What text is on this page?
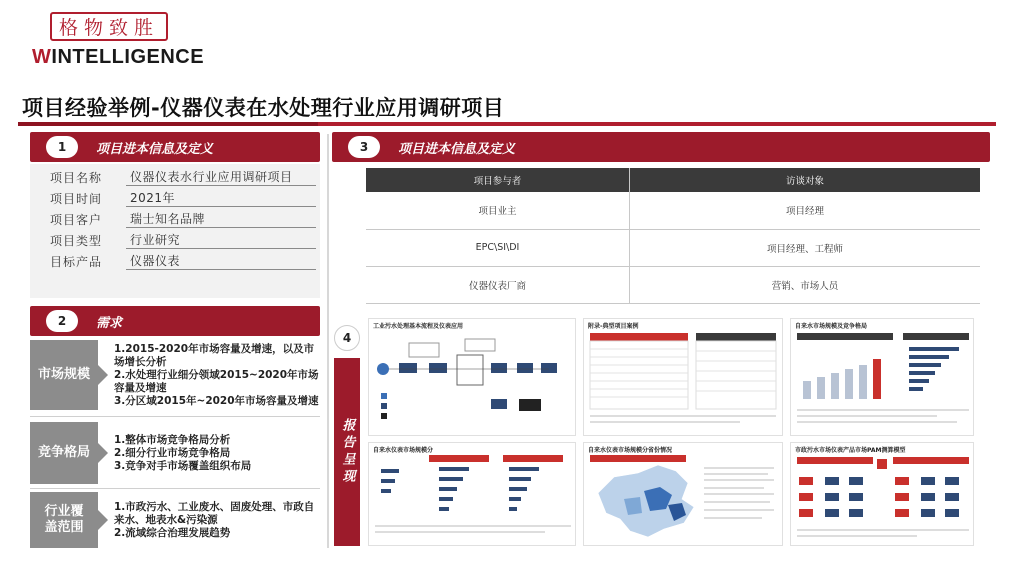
格物致胜
WINTELLIGENCE
项目经验举例-仪器仪表在水处理行业应用调研项目
1	项目进本信息及定义
项目名称	仪器仪表水行业应用调研项目
项目时间	2021年
项目客户	瑞士知名品牌
项目类型	行业研究
目标产品	仪器仪表
2	需求
市场规模
1.2015-2020年市场容量及增速，以及市场增长分析
2.水处理行业细分领域2015~2020年市场容量及增速
3.分区域2015年~2020年市场容量及增速
竞争格局
1.整体市场竞争格局分析
2.细分行业市场竞争格局
3.竞争对手市场覆盖组织布局
行业覆盖范围
1.市政污水、工业废水、固废处理、市政自来水、地表水&污染源
2.流域综合治理发展趋势
3	项目进本信息及定义
项目参与者	访谈对象
项目业主	项目经理
EPC\SI\DI	项目经理、工程师
仪器仪表厂商	营销、市场人员
4
报告呈现
工业污水处理基本流程及仪表应用	附录-典型项目案例	自来水市场规模及竞争格局
自来水仪表市场规模分	自来水仪表市场规模分省份情况	市政污水市场仪表产品市场PAM测算模型
